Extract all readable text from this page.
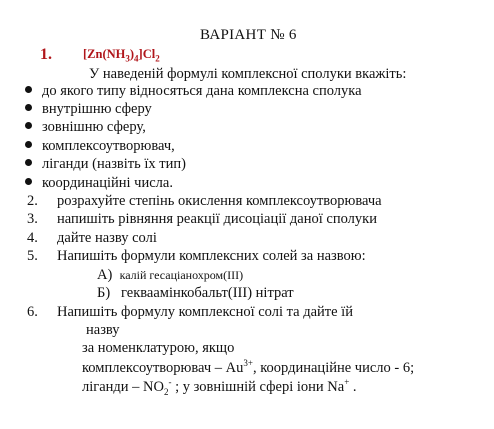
ВАРІАНТ № 6
1. $[Zn(NH_3)_4]Cl_2$
У наведеній формулі комплексної сполуки вкажіть:
до якого типу відносяться дана комплексна сполука
внутрішню сферу
зовнішню сферу,
комплексоутворювач,
ліганди (назвіть їх тип)
координаційні числа.
2. розрахуйте степінь окислення комплексоутворювача
3. напишіть рівняння реакції дисоціації даної сполуки
4. дайте назву солі
5. Напишіть формули комплексних солей за назвою:
А) калій гесаціанохром(ІІІ)
Б) гекваамінкобальт(ІІІ) нітрат
6. Напишіть формулу комплексної солі та дайте їй
назву
за номенклатурою, якщо
комплексоутворювач – $Au^{3+}$, координаційне число - 6;
ліганди – $NO_2^-$ ; у зовнішній сфері іони Na+ .
